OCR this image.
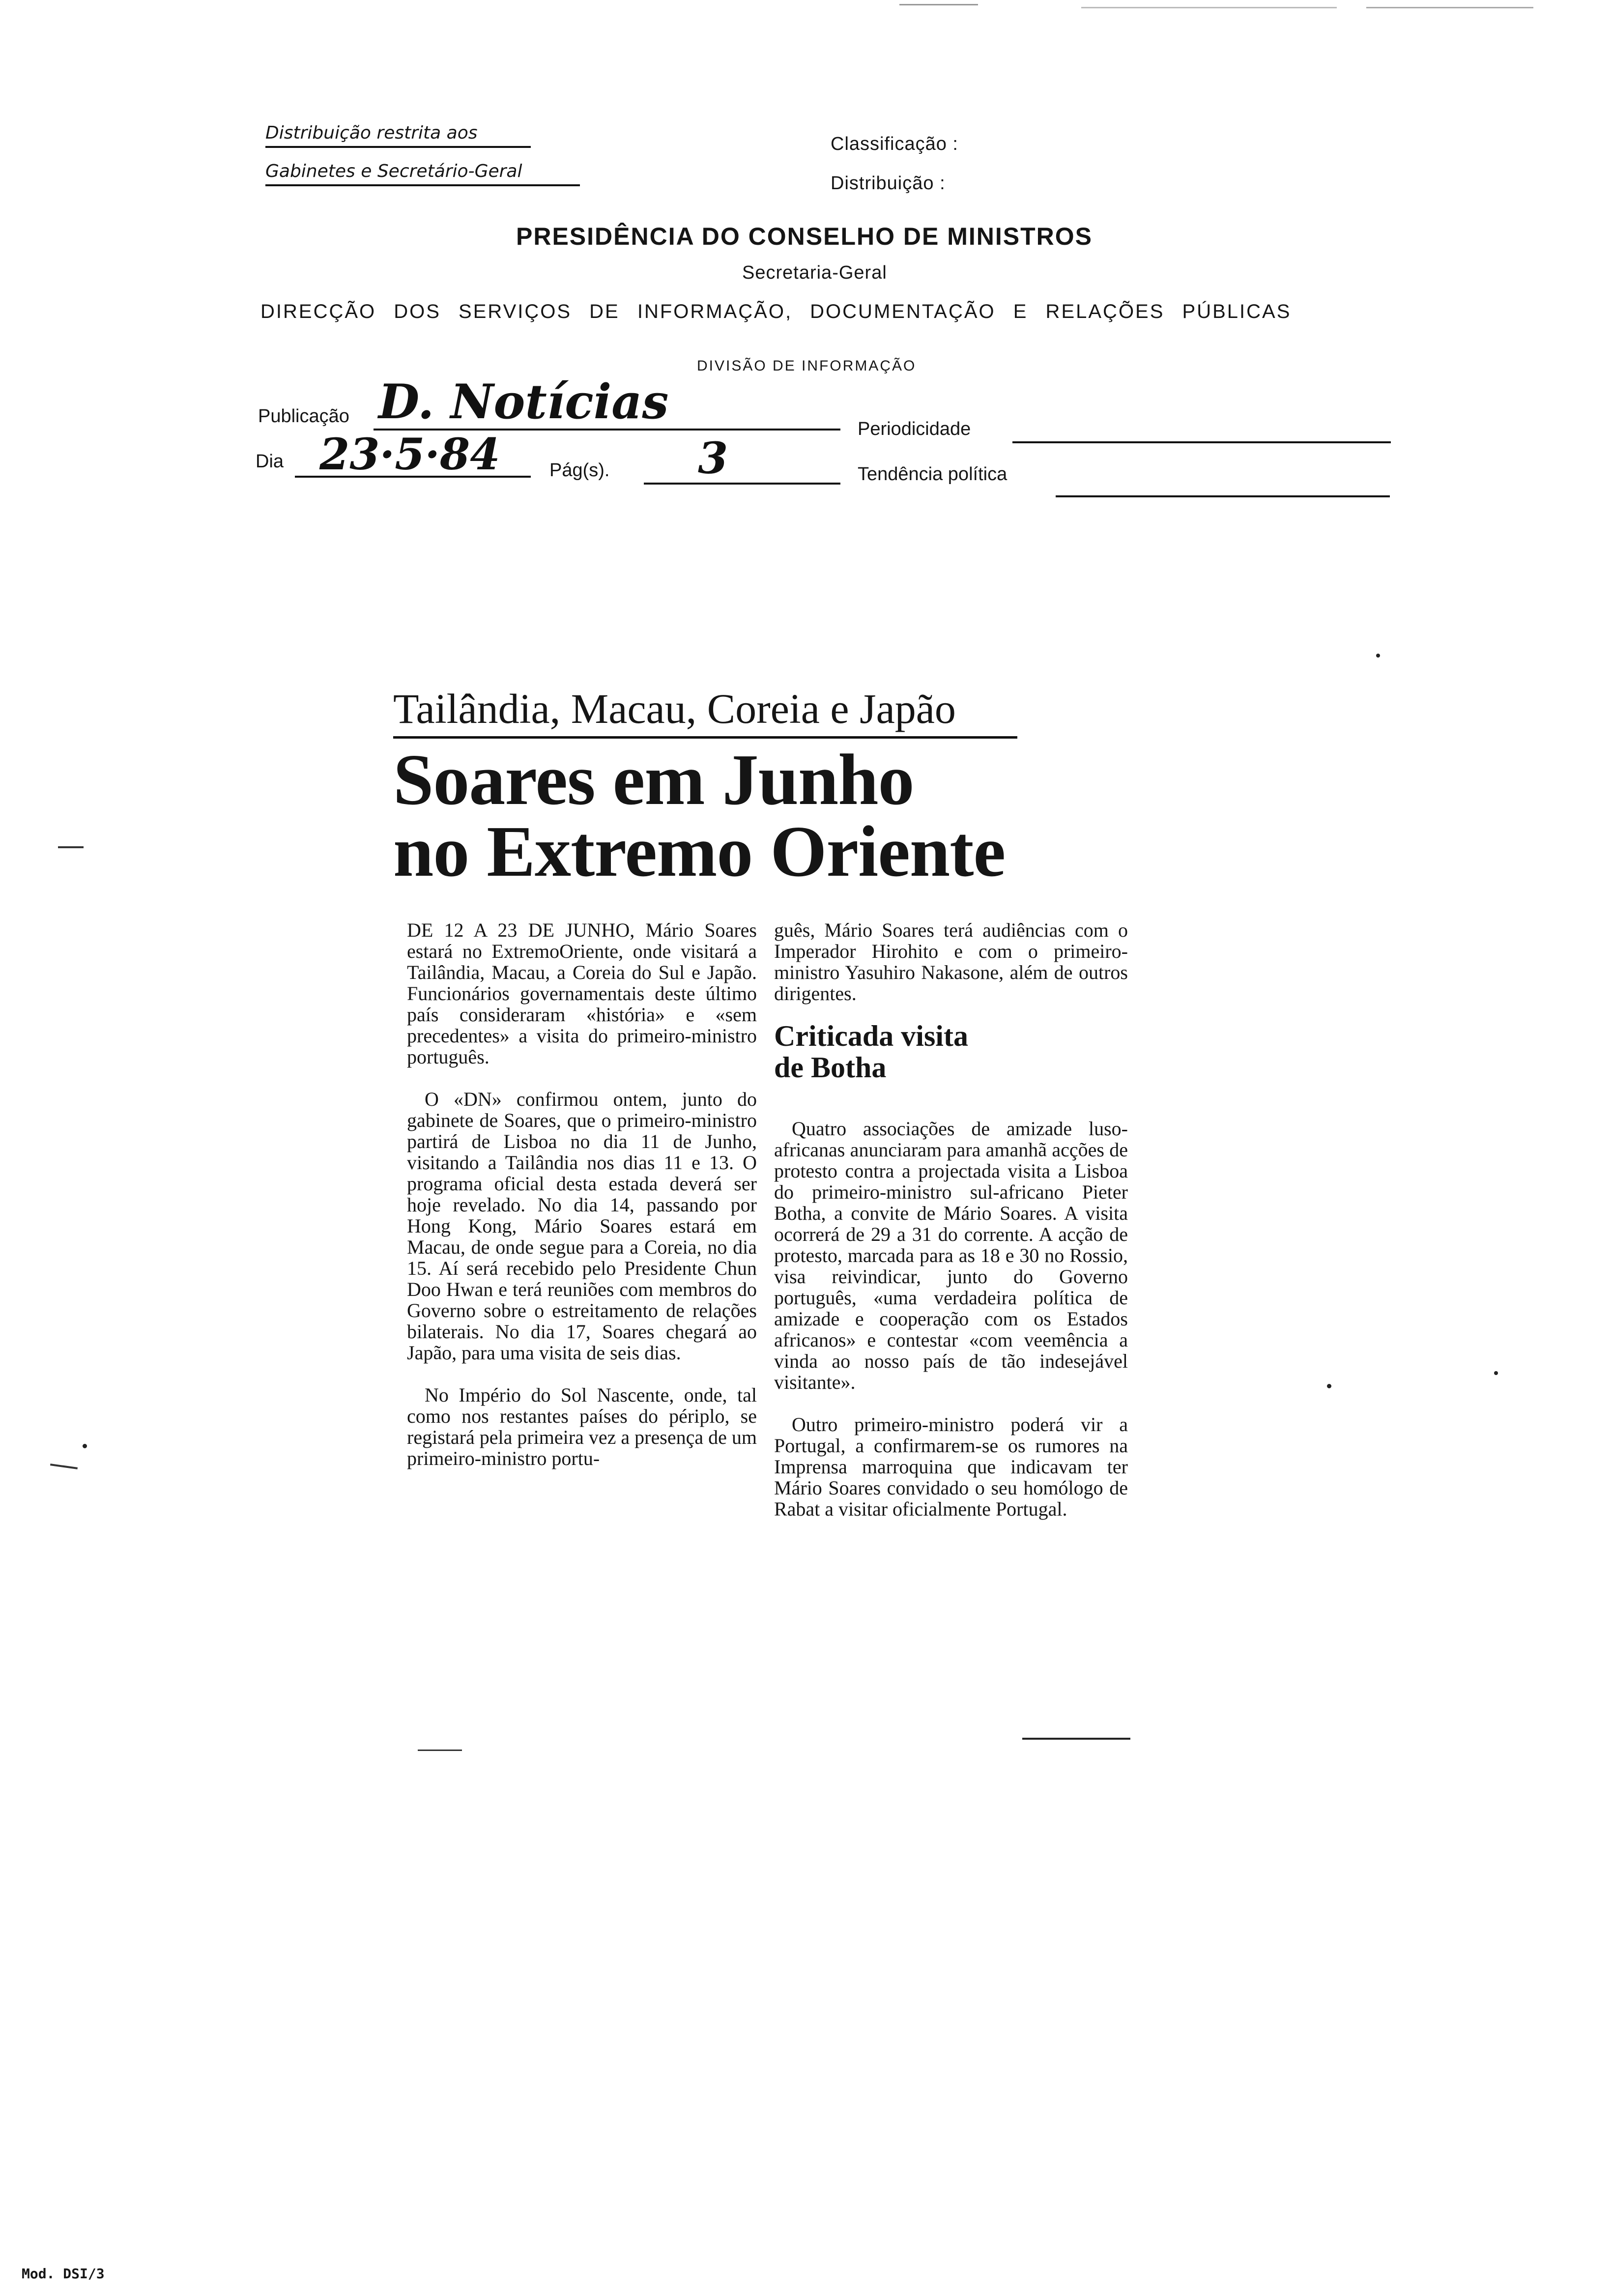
Distribuição restrita aos
Gabinetes e Secretário-Geral
Classificação :
Distribuição :
PRESIDÊNCIA DO CONSELHO DE MINISTROS
Secretaria-Geral
DIRECÇÃO DOS SERVIÇOS DE INFORMAÇÃO, DOCUMENTAÇÃO E RELAÇÕES PÚBLICAS
DIVISÃO DE INFORMAÇÃO
Publicação D. Notícias	Periodicidade
Dia 23·5·84	Pág(s). 3	Tendência política
Tailândia, Macau, Coreia e Japão
Soares em Junho
no Extremo Oriente

DE 12 A 23 DE JUNHO, Mário Soares estará no ExtremoOriente, onde visitará a Tailândia, Macau, a Coreia do Sul e Japão. Funcionários governamentais deste último país consideraram «história» e «sem precedentes» a visita do primeiro-ministro português.

O «DN» confirmou ontem, junto do gabinete de Soares, que o primeiro-ministro partirá de Lisboa no dia 11 de Junho, visitando a Tailândia nos dias 11 e 13. O programa oficial desta estada deverá ser hoje revelado. No dia 14, passando por Hong Kong, Mário Soares estará em Macau, de onde segue para a Coreia, no dia 15. Aí será recebido pelo Presidente Chun Doo Hwan e terá reuniões com membros do Governo sobre o estreitamento de relações bilaterais. No dia 17, Soares chegará ao Japão, para uma visita de seis dias.

No Império do Sol Nascente, onde, tal como nos restantes países do périplo, se registará pela primeira vez a presença de um primeiro-ministro portu-

guês, Mário Soares terá audiências com o Imperador Hirohito e com o primeiro-ministro Yasuhiro Nakasone, além de outros dirigentes.

Criticada visita
de Botha

Quatro associações de amizade luso-africanas anunciaram para amanhã acções de protesto contra a projectada visita a Lisboa do primeiro-ministro sul-africano Pieter Botha, a convite de Mário Soares. A visita ocorrerá de 29 a 31 do corrente. A acção de protesto, marcada para as 18 e 30 no Rossio, visa reivindicar, junto do Governo português, «uma verdadeira política de amizade e cooperação com os Estados africanos» e contestar «com veemência a vinda ao nosso país de tão indesejável visitante».

Outro primeiro-ministro poderá vir a Portugal, a confirmarem-se os rumores na Imprensa marroquina que indicavam ter Mário Soares convidado o seu homólogo de Rabat a visitar oficialmente Portugal.

Mod. DSI/3
